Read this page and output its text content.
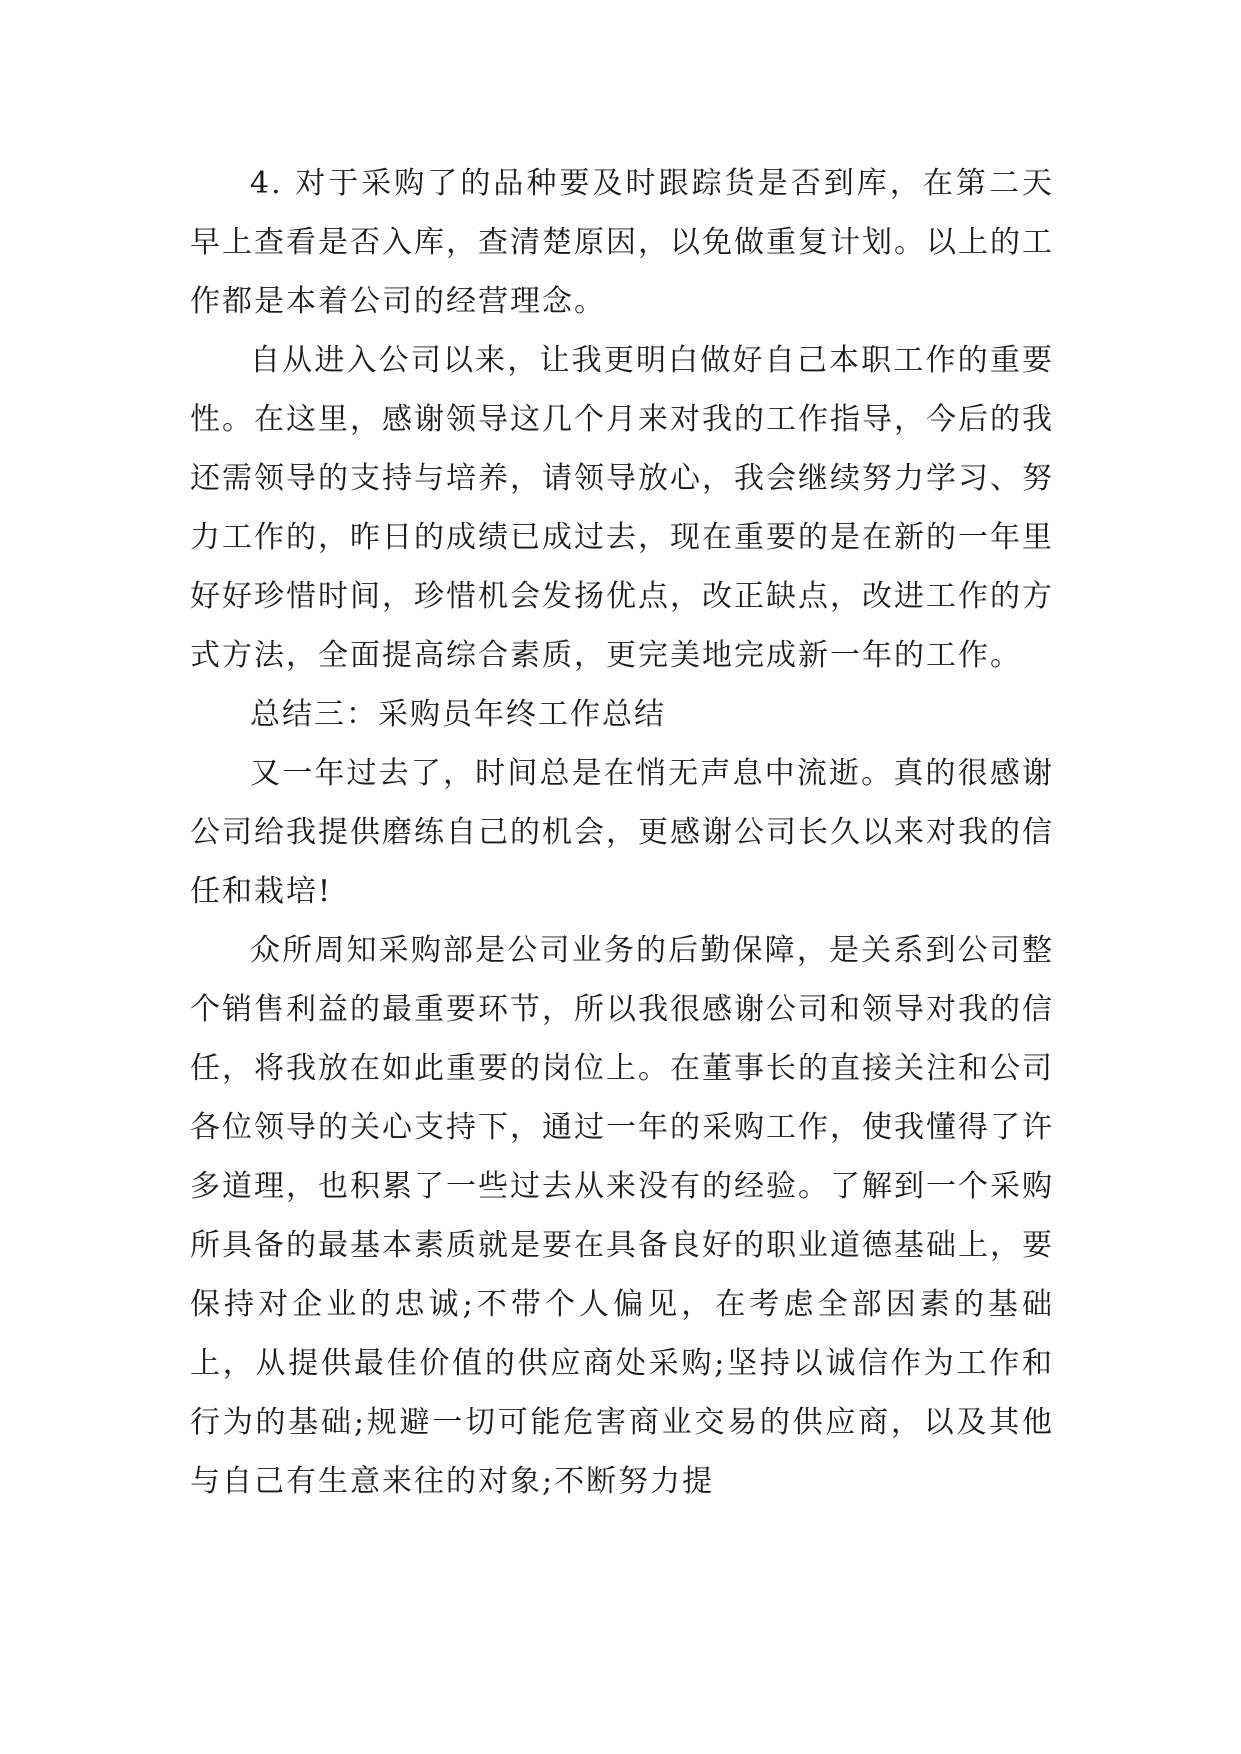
4. 对于采购了的品种要及时跟踪货是否到库，在第二天早上查看是否入库，查清楚原因，以免做重复计划。以上的工作都是本着公司的经营理念。

自从进入公司以来，让我更明白做好自己本职工作的重要性。在这里，感谢领导这几个月来对我的工作指导，今后的我还需领导的支持与培养，请领导放心，我会继续努力学习、努力工作的，昨日的成绩已成过去，现在重要的是在新的一年里好好珍惜时间，珍惜机会发扬优点，改正缺点，改进工作的方式方法，全面提高综合素质，更完美地完成新一年的工作。

总结三：采购员年终工作总结

又一年过去了，时间总是在悄无声息中流逝。真的很感谢公司给我提供磨练自己的机会，更感谢公司长久以来对我的信任和栽培!

众所周知采购部是公司业务的后勤保障，是关系到公司整个销售利益的最重要环节，所以我很感谢公司和领导对我的信任，将我放在如此重要的岗位上。在董事长的直接关注和公司各位领导的关心支持下，通过一年的采购工作，使我懂得了许多道理，也积累了一些过去从来没有的经验。了解到一个采购所具备的最基本素质就是要在具备良好的职业道德基础上，要保持对企业的忠诚;不带个人偏见，在考虑全部因素的基础上，从提供最佳价值的供应商处采购;坚持以诚信作为工作和行为的基础;规避一切可能危害商业交易的供应商，以及其他与自己有生意来往的对象;不断努力提
